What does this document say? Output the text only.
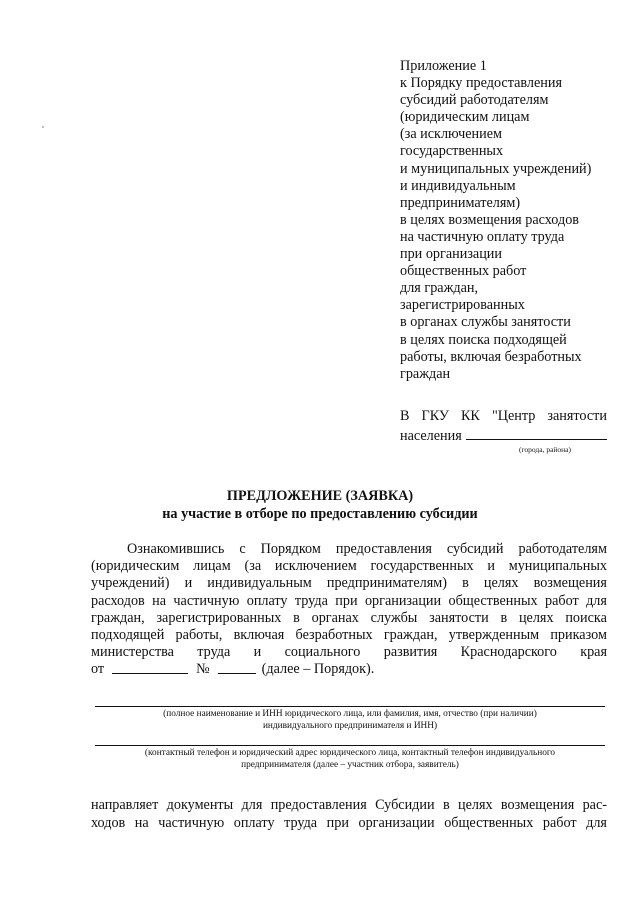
Приложение 1
к Порядку предоставления
субсидий работодателям
(юридическим лицам
(за исключением
государственных
и муниципальных учреждений)
и индивидуальным
предпринимателям)
в целях возмещения расходов
на частичную оплату труда
при организации
общественных работ
для граждан,
зарегистрированных
в органах службы занятости
в целях поиска подходящей
работы, включая безработных
граждан
В ГКУ КК "Центр занятости
населения
(города, района)
ПРЕДЛОЖЕНИЕ (ЗАЯВКА)
на участие в отборе по предоставлению субсидии
Ознакомившись с Порядком предоставления субсидий работодателям
(юридическим лицам (за исключением государственных и муниципальных
учреждений) и индивидуальным предпринимателям) в целях возмещения
расходов на частичную оплату труда при организации общественных работ для
граждан, зарегистрированных в органах службы занятости в целях поиска
подходящей работы, включая безработных граждан, утвержденным приказом
министерства труда и социального развития Краснодарского края
от	№	(далее – Порядок).
(полное наименование и ИНН юридического лица, или фамилия, имя, отчество (при наличии)
индивидуального предпринимателя и ИНН)
(контактный телефон и юридический адрес юридического лица, контактный телефон индивидуального
предпринимателя (далее – участник отбора, заявитель)
направляет документы для предоставления Субсидии в целях возмещения рас-
ходов на частичную оплату труда при организации общественных работ для
